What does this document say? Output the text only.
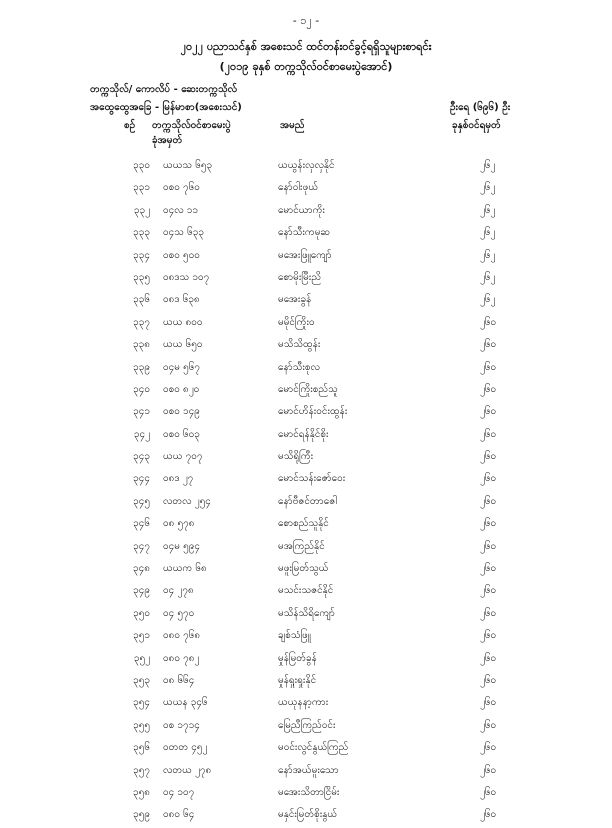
- ၁၂ -
၂၀၂၂ ပညာသင်နှစ် အစေးသင် ထင်တန်းဝင်ခွင့်ရရှိသူများစာရင်း
(၂၀၁၉ ခုနှစ် တက္ကသိုလ်ဝင်စာမေးပွဲအောင်)
တက္ကသိုလ်/ ကောလိပ် - ဆေးတက္ကသိုလ်
အထွေထွေအခြေ - မြန်မာစာ(အစေးသင်)	ဦးရေ (၆၉၆) ဦး
စဉ် တက္ကသိုလ်ဝင်စာမေးပွဲ
ခုံအမှတ်
အမည်	ခုနှစ်ဝင်ရမှတ်
၃၃၀ ယယသ ၆၅၃	ယယွန်းလှလှနိုင်	၂၆၂
၃၃၁ ဝစဝ ၇၆ဝ	နော်ဝါးဖုယ်	၂၆၂
၃၃၂ ဝ၄လ ၁၁	မောင်ယာကိုး	၂၆၂
၃၃၃ ဝ၄သ ၆၃၃	နော်သီးကမုဆ	၂၆၂
၃၃၄ ဝစဝ ၅၀၀	မအေးဖြူကျော်	၂၆၂
၃၃၅ ဝ၈ဒသ ၁၀၇	စောမိုးမြီးညိ	၂၆၂
၃၃၆ ဝ၈ဒ ၆၃၈	မအေးခွန်	၂၆၂
၃၃၇ ယယ ၈၀၀	မမိုင်ကြိုးဝ	၂၆၀
၃၃၈ ယယ ၆၅၀	မသိသိထွန်း	၂၆၀
၃၃၉ ဝ၄မ ၅၆၇	နော်သီးစုလ	၂၆၀
၃၄၀ ဝစဝ ၈၂၀	မောင်ကြိုးစည်သူ	၂၆၀
၃၄၁ ဝစဝ ၁၄၉	မောင်ဟိန်းဝင်းထွန်း	၂၆၀
၃၄၂ ဝစဝ ၆၀၃	မောင်ရန်နိုင်စိုး	၂၆၀
၃၄၃ ယယ ၇၀၇	မသိရိုကြီး	၂၆၀
၃၄၄ ဝ၈ဒ ၂၇	မောင်သန်းဇော်ဝေး	၂၆၀
၃၄၅ လတလ ၂၅၄	နော်ဗီဇင်တာဇေါ	၂၆၀
၃၄၆ ဝ၈ ၅၇၈	စောစည်သူနိုင်	၂၆၀
၃၄၇ ဝ၄မ ၅၉၄	မအကြည်နိုင်	၂၆၀
၃၄၈ ယယက ၆၈	မဖူးမြတ်သွယ်	၂၆၀
၃၄၉ ဝ၄ ၂၇၈	မသင်းသဇင်နိုင်	၂၆၀
၃၅၀ ဝ၄ ၅၇၀	မသိန်သိရိကျော်	၂၆၀
၃၅၁ ဝ၈ဝ ၇၆၈	ချစ်သံဖြူ	၂၆၀
၃၅၂ ဝ၈ဝ ၇၈၂	မှုန်မြတ်ခွန်	၂၆၀
၃၅၃ ဝ၈ ၆၆၄	မှုန်ရှုးရှုးနိုင်	၂၆၀
၃၅၄ ယယန ၃၄၆	ယယုနနာ့ကား	၂၆၀
၃၅၅ ဝစ ၁၇၁၄	မြေညီကြည်ဝင်း	၂၆၀
၃၅၆ ဝတတ ၄၅၂	မဝင်းလွင်နွယ်ကြည်	၂၆၀
၃၅၇ လတယ ၂၇၈	နော်အယ်မူးသော	၂၆၀
၃၅၈ ဝ၄ ၁၀၇	မအေးသိတာငြိမ်း	၂၆၀
၃၅၉ ဝ၈ဝ ၆၄	မနှင်းမြတ်စိုးနွယ်	၂၆၀
